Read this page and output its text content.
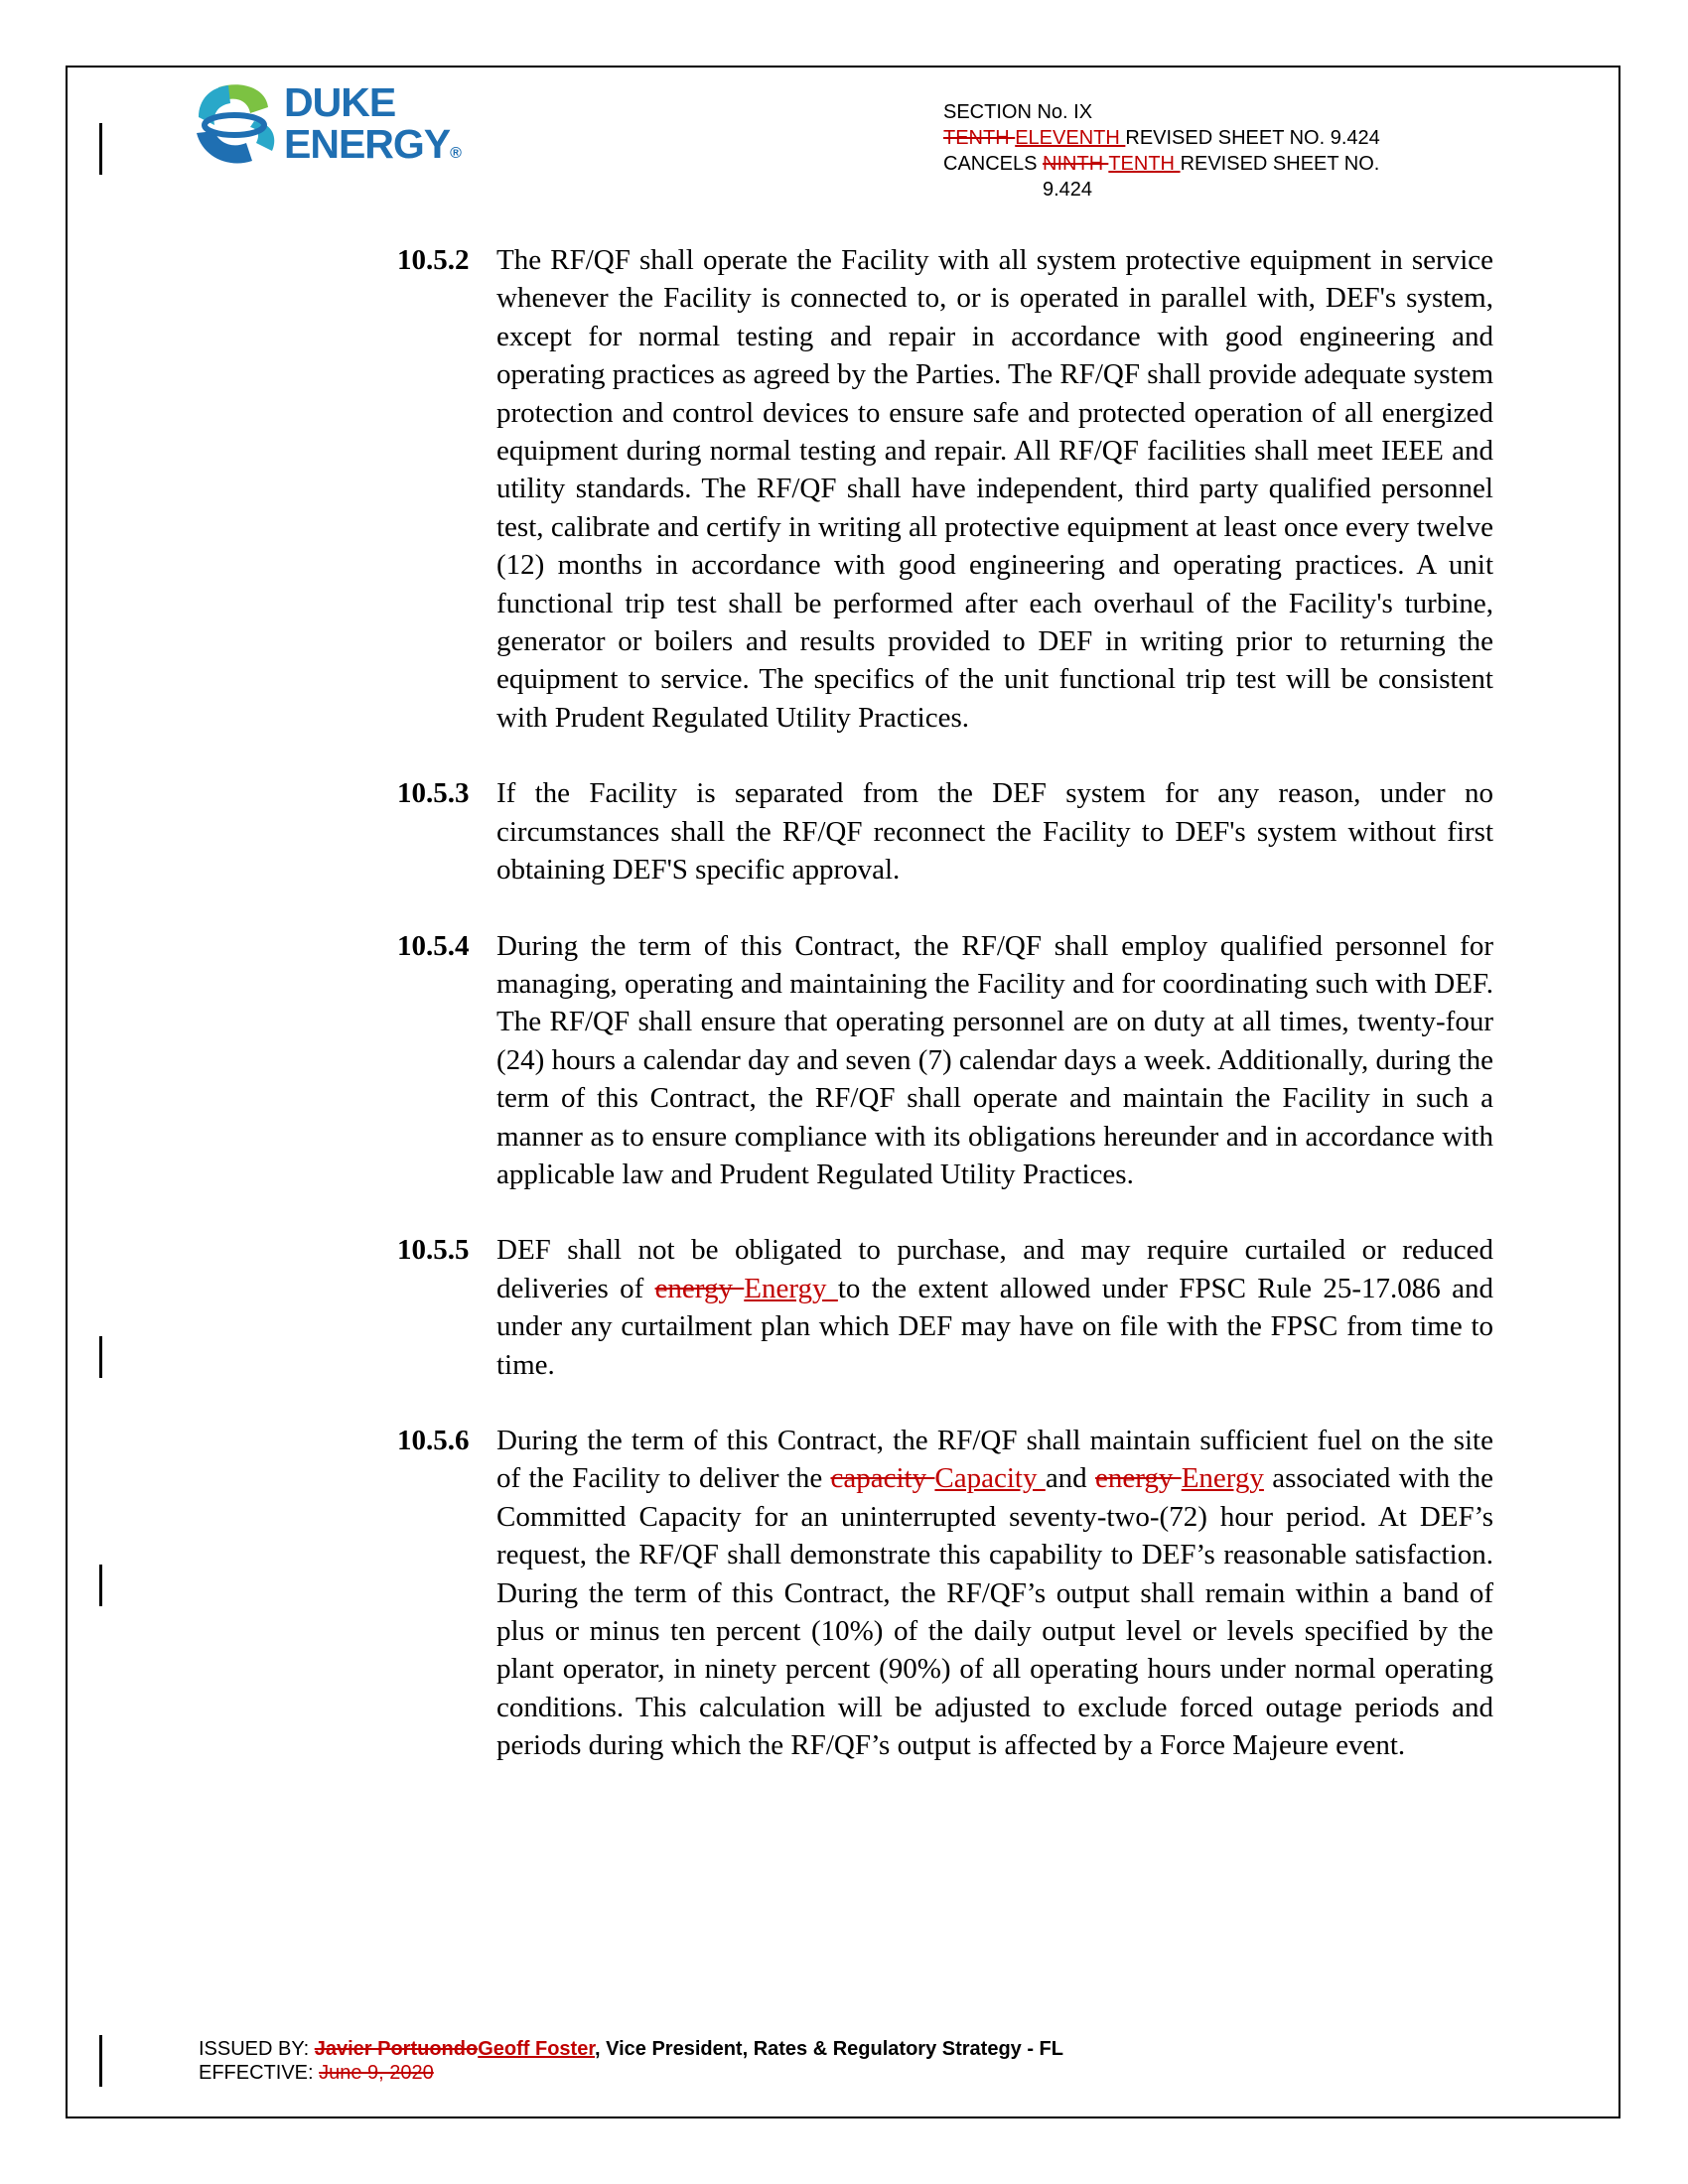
DUKE
ENERGY®
SECTION No. IX
TENTH ELEVENTH REVISED SHEET NO. 9.424
CANCELS NINTH TENTH REVISED SHEET NO.
9.424
10.5.2 The RF/QF shall operate the Facility with all system protective equipment in service whenever the Facility is connected to, or is operated in parallel with, DEF's system, except for normal testing and repair in accordance with good engineering and operating practices as agreed by the Parties. The RF/QF shall provide adequate system protection and control devices to ensure safe and protected operation of all energized equipment during normal testing and repair. All RF/QF facilities shall meet IEEE and utility standards. The RF/QF shall have independent, third party qualified personnel test, calibrate and certify in writing all protective equipment at least once every twelve (12) months in accordance with good engineering and operating practices. A unit functional trip test shall be performed after each overhaul of the Facility's turbine, generator or boilers and results provided to DEF in writing prior to returning the equipment to service. The specifics of the unit functional trip test will be consistent with Prudent Regulated Utility Practices.
10.5.3 If the Facility is separated from the DEF system for any reason, under no circumstances shall the RF/QF reconnect the Facility to DEF's system without first obtaining DEF'S specific approval.
10.5.4 During the term of this Contract, the RF/QF shall employ qualified personnel for managing, operating and maintaining the Facility and for coordinating such with DEF. The RF/QF shall ensure that operating personnel are on duty at all times, twenty-four (24) hours a calendar day and seven (7) calendar days a week. Additionally, during the term of this Contract, the RF/QF shall operate and maintain the Facility in such a manner as to ensure compliance with its obligations hereunder and in accordance with applicable law and Prudent Regulated Utility Practices.
10.5.5 DEF shall not be obligated to purchase, and may require curtailed or reduced deliveries of energy Energy to the extent allowed under FPSC Rule 25-17.086 and under any curtailment plan which DEF may have on file with the FPSC from time to time.
10.5.6 During the term of this Contract, the RF/QF shall maintain sufficient fuel on the site of the Facility to deliver the capacity Capacity and energy Energy associated with the Committed Capacity for an uninterrupted seventy-two-(72) hour period. At DEF’s request, the RF/QF shall demonstrate this capability to DEF’s reasonable satisfaction. During the term of this Contract, the RF/QF’s output shall remain within a band of plus or minus ten percent (10%) of the daily output level or levels specified by the plant operator, in ninety percent (90%) of all operating hours under normal operating conditions. This calculation will be adjusted to exclude forced outage periods and periods during which the RF/QF’s output is affected by a Force Majeure event.
ISSUED BY: Javier PortuondoGeoff Foster, Vice President, Rates & Regulatory Strategy - FL
EFFECTIVE: June 9, 2020
